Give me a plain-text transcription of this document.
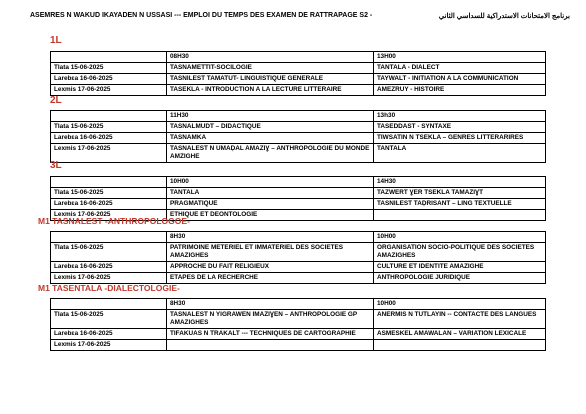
ASEMRES N WAKUD IKAYADEN N USSASI --- EMPLOI DU TEMPS DES EXAMEN DE RATTRAPAGE S2 -	برنامج الامتحانات الاستدراكية للسداسي الثاني
1L
	08H30	13H00
Tlata 15-06-2025	TASNAMETTIT-SOCILOGIE	TANTALA - DIALECT
Larebɛa 16-06-2025	TASNILEST TAMATUT- LINGUISTIQUE GENERALE	TAYWALT - INITIATION A LA COMMUNICATION
Lexmis 17-06-2025	TASEKLA - INTRODUCTION A LA LECTURE LITTERAIRE	AMEZRUY - HISTOIRE
2L
	11H30	13h30
Tlata 15-06-2025	TASNALMUDT – DIDACTIQUE	TASEDDAST - SYNTAXE
Larebɛa 16-06-2025	TASNAMKA	TIWSATIN N TSEKLA – GENRES LITTERARIRES
Lexmis 17-06-2025	TASNALEST N UMAḌAL AMAZIƔ – ANTHROPOLOGIE DU MONDE AMZIGHE	TANTALA
3L
	10H00	14H30
Tlata 15-06-2025	TANTALA	TAZWERT ƔER TSEKLA TAMAZIƔT
Larebɛa 16-06-2025	PRAGMATIQUE	TASNILEST TAḌRISANT – LING TEXTUELLE
Lexmis 17-06-2025	ETHIQUE ET DEONTOLOGIE	
M1 TASNALEST -ANTHROPOLOGOE-
	8H30	10H00
Tlata 15-06-2025	PATRIMOINE METERIEL ET IMMATERIEL DES SOCIETES AMAZIGHES	ORGANISATION SOCIO-POLITIQUE DES SOCIETES AMAZIGHES
Larebɛa 16-06-2025	APPROCHE DU FAIT RELIGIEUX	CULTURE ET IDENTITE AMAZIGHE
Lexmis 17-06-2025	ETAPES DE LA RECHERCHE	ANTHROPOLOGIE JURIDIQUE
M1 TASENTALA -DIALECTOLOGIE-
	8H30	10H00
Tlata 15-06-2025	TASNALEST N YIGRAWEN IMAZIƔEN – ANTHROPOLOGIE GP AMAZIGHES	ANERMIS N TUTLAYIN -- CONTACTE DES LANGUES
Larebɛa 16-06-2025	TIFAKUAS N TRAKALT --- TECHNIQUES DE CARTOGRAPHIE	ASMESKEL AMAWALAN – VARIATION LEXICALE
Lexmis 17-06-2025		
